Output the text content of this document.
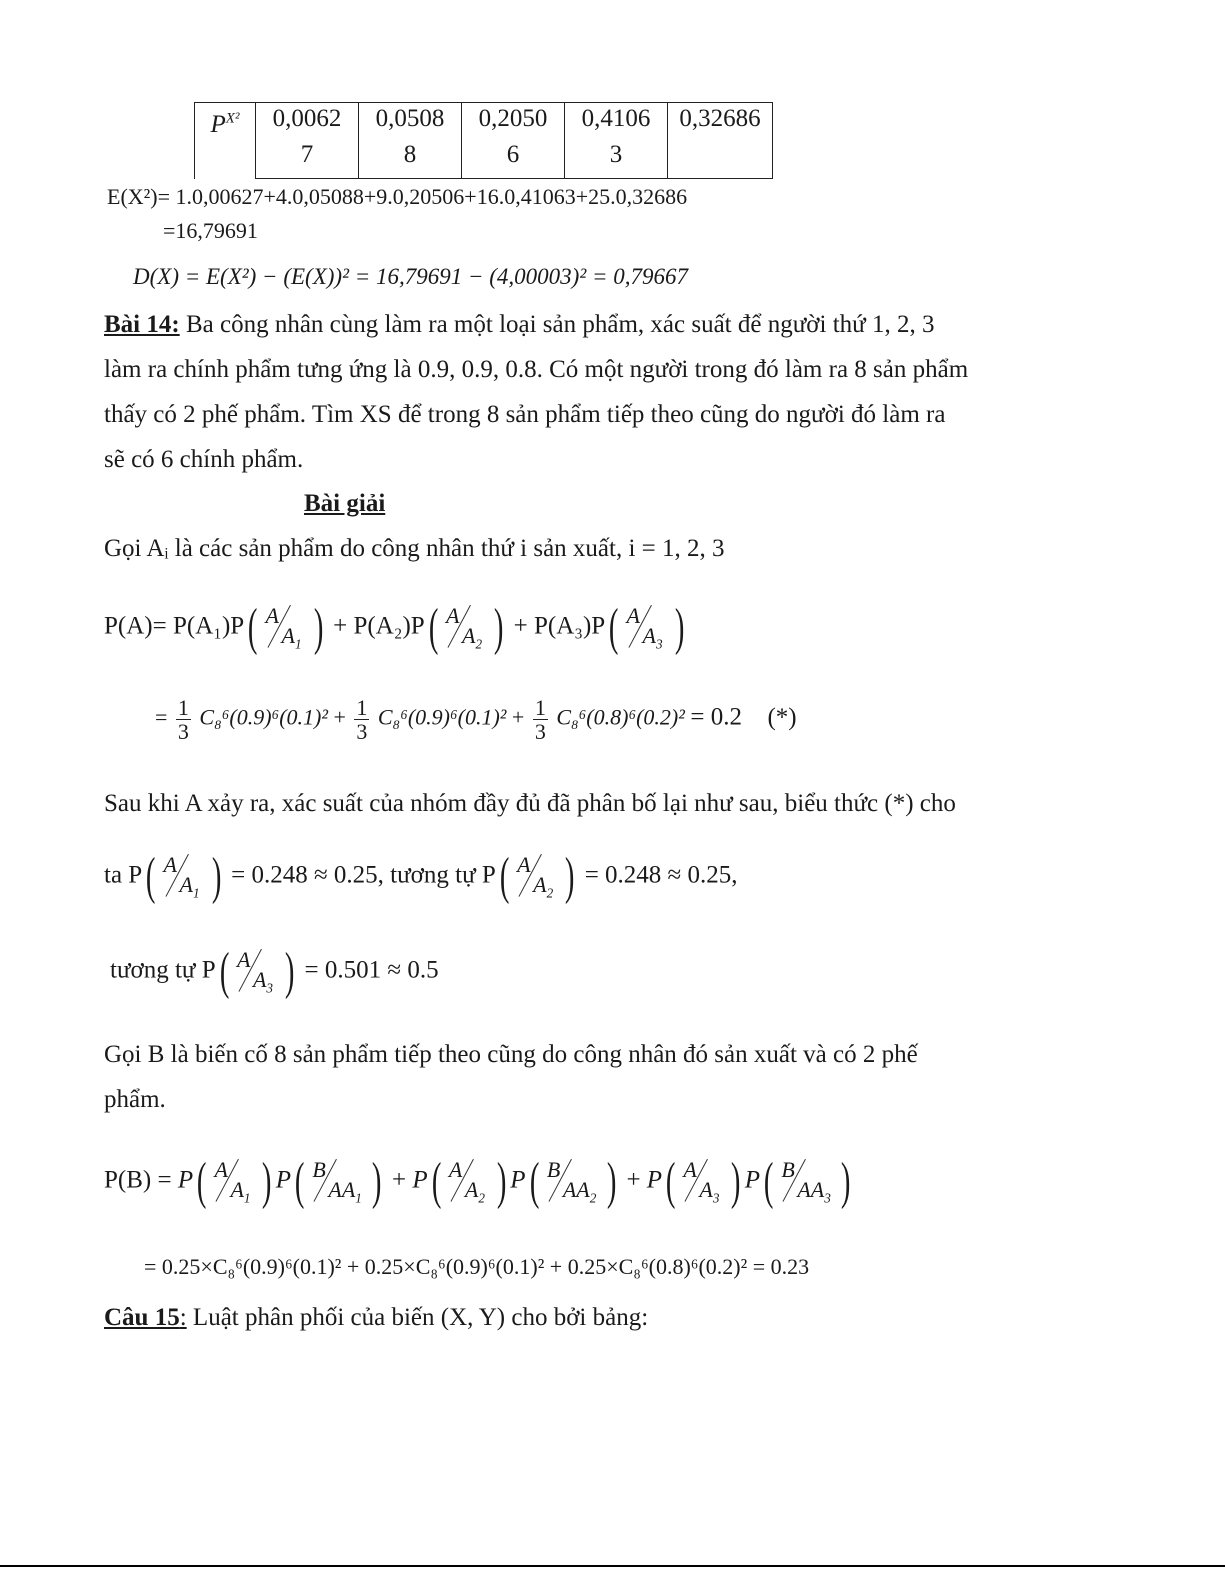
$P^{X^2}$	0,0062	0,0508	0,2050	0,4106	0,32686
	7	8	6	3	
E(X²)= 1.0,00627+4.0,05088+9.0,20506+16.0,41063+25.0,32686
=16,79691
D(X) = E(X²) − (E(X))² = 16,79691 − (4,00003)² = 0,79667
Bài 14: Ba công nhân cùng làm ra một loại sản phẩm, xác suất để người thứ 1, 2, 3
làm ra chính phẩm tưng ứng là 0.9, 0.9, 0.8. Có một người trong đó làm ra 8 sản phẩm
thấy có 2 phế phẩm. Tìm XS để trong 8 sản phẩm tiếp theo cũng do người đó làm ra
sẽ có 6 chính phẩm.
Bài giải
Gọi Aᵢ là các sản phẩm do công nhân thứ i sản xuất, i = 1, 2, 3
P(A)= P(A₁)P( A
$A_1$ ) + P(A₂)P( A
$A_2$ ) + P(A₃)P( A
$A_3$ )
= $\frac{1}{3} C_8^6(0.9)^6(0.1)^2 + \frac{1}{3} C_8^6(0.9)^6(0.1)^2 + \frac{1}{3} C_8^6(0.8)^6(0.2)^2 = 0.2$ (*)
Sau khi A xảy ra, xác suất của nhóm đầy đủ đã phân bố lại như sau, biểu thức (*) cho
ta P( A
$A_1$ ) = 0.248 ≈ 0.25, tương tự P( A
$A_2$ ) = 0.248 ≈ 0.25,
tương tự P( A
$A_3$ ) = 0.501 ≈ 0.5
Gọi B là biến cố 8 sản phẩm tiếp theo cũng do công nhân đó sản xuất và có 2 phế
phẩm.
P(B) = P( A
$A_1$ ) P( B
$AA_1$ ) + P( A
$A_2$ ) P( B
$AA_2$ ) + P( A
$A_3$ ) P( B
$AA_3$ )
= 0.25×C₈⁶(0.9)⁶(0.1)² + 0.25×C₈⁶(0.9)⁶(0.1)² + 0.25×C₈⁶(0.8)⁶(0.2)² = 0.23
Câu 15: Luật phân phối của biến (X, Y) cho bởi bảng:
